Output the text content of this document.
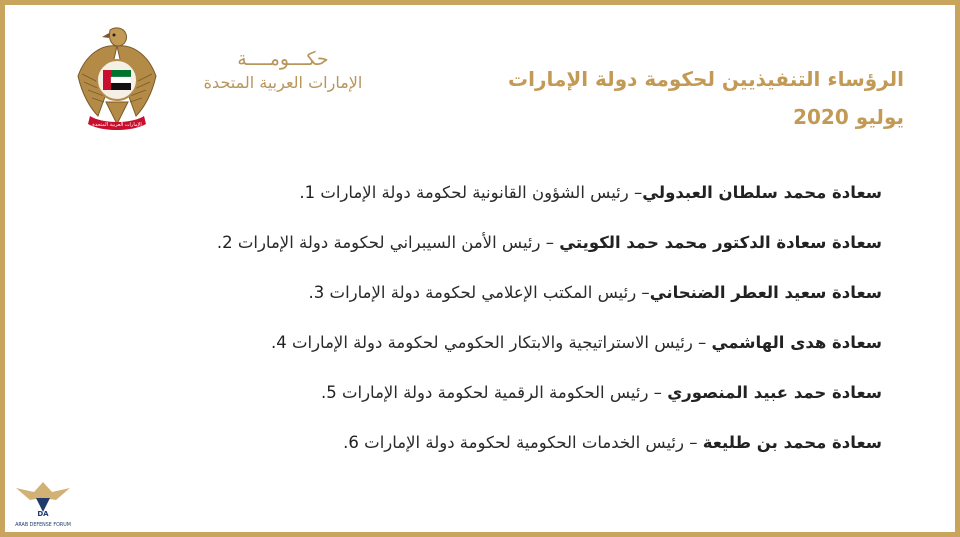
الإمارات العربية المتحدة
حكـــومــــة
الإمارات العربية المتحدة	الرؤساء التنفيذيين لحكومة دولة الإمارات
يوليو 2020
سعادة محمد سلطان العبدولي– رئيس الشؤون القانونية لحكومة دولة الإمارات .1
سعادة سعادة الدكتور محمد حمد الكويتي – رئيس الأمن السيبراني لحكومة دولة الإمارات .2
سعادة سعيد العطر الضنحاني– رئيس المكتب الإعلامي لحكومة دولة الإمارات .3
سعادة هدى الهاشمي – رئيس الاستراتيجية والابتكار الحكومي لحكومة دولة الإمارات .4
سعادة حمد عبيد المنصوري – رئيس الحكومة الرقمية لحكومة دولة الإمارات .5
سعادة محمد بن طليعة – رئيس الخدمات الحكومية لحكومة دولة الإمارات .6
DA
ARAB DEFENSE FORUM
